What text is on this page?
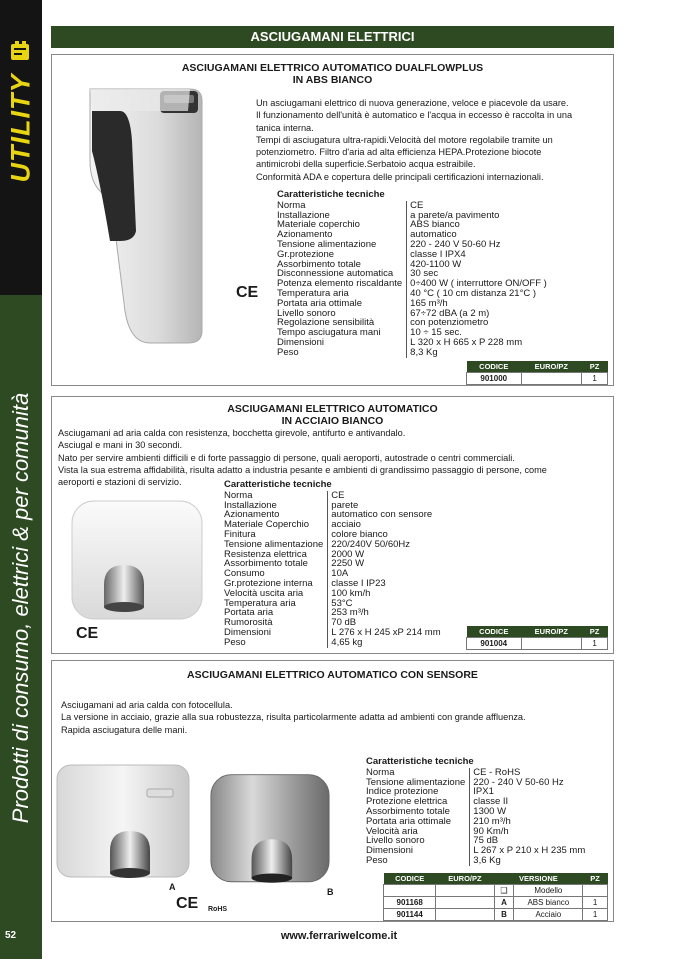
UTILITY
Prodotti di consumo, elettrici & per comunità
52
ASCIUGAMANI ELETTRICI
ASCIUGAMANI ELETTRICO AUTOMATICO DUALFLOWPLUS
IN ABS BIANCO
CE
Un asciugamani elettrico di nuova generazione, veloce e piacevole da usare.
Il funzionamento dell'unità è automatico e l'acqua in eccesso è raccolta in una
tanica interna.
Tempi di asciugatura ultra-rapidi.Velocità del motore regolabile tramite un
potenziometro. Filtro d'aria ad alta efficienza HEPA.Protezione biocote
antimicrobi della superficie.Serbatoio acqua estraibile.
Conformità ADA e copertura delle principali certificazioni internazionali.
Caratteristiche tecniche
Norma	CE
Installazione	a parete/a pavimento
Materiale coperchio	ABS bianco
Azionamento	automatico
Tensione alimentazione	220 - 240 V 50-60 Hz
Gr.protezione	classe I IPX4
Assorbimento totale	420-1100 W
Disconnessione automatica	30 sec
Potenza elemento riscaldante	0÷400 W ( interruttore ON/OFF )
Temperatura aria	40 °C ( 10 cm distanza 21°C )
Portata aria ottimale	165 m³/h
Livello sonoro	67÷72 dBA (a 2 m)
Regolazione sensibilità	con potenziometro
Tempo asciugatura mani	10 ÷ 15 sec.
Dimensioni	L 320 x H 665 x P 228 mm
Peso	8,3 Kg
CODICE	EURO/PZ	PZ
901000		1
ASCIUGAMANI ELETTRICO AUTOMATICO
IN ACCIAIO BIANCO
Asciugamani ad aria calda con resistenza, bocchetta girevole, antifurto e antivandalo.
Asciugal e mani in 30 secondi.
Nato per servire ambienti difficili e di forte passaggio di persone, quali aeroporti, autostrade o centri commerciali.
Vista la sua estrema affidabilità, risulta adatto a industria pesante e ambienti di grandissimo passaggio di persone, come
aeroporti e stazioni di servizio.
CE
Caratteristiche tecniche
Norma	CE
Installazione	parete
Azionamento	automatico con sensore
Materiale Coperchio	acciaio
Finitura	colore bianco
Tensione alimentazione	220/240V 50/60Hz
Resistenza elettrica	2000 W
Assorbimento totale	2250 W
Consumo	10A
Gr.protezione interna	classe I IP23
Velocità uscita aria	100 km/h
Temperatura aria	53°C
Portata aria	253 m³/h
Rumorosità	70 dB
Dimensioni	L 276 x H 245 xP 214 mm
Peso	4,65 kg
CODICE	EURO/PZ	PZ
901004		1
ASCIUGAMANI ELETTRICO AUTOMATICO CON SENSORE
Asciugamani ad aria calda con fotocellula.
La versione in acciaio, grazie alla sua robustezza, risulta particolarmente adatta ad ambienti con grande affluenza.
Rapida asciugatura delle mani.
A	B
CE RoHS
Caratteristiche tecniche
Norma	CE - RoHS
Tensione alimentazione	220 - 240 V 50-60 Hz
Indice protezione	IPX1
Protezione elettrica	classe II
Assorbimento totale	1300 W
Portata aria ottimale	210 m³/h
Velocità aria	90 Km/h
Livello sonoro	75 dB
Dimensioni	L 267 x P 210 x H 235 mm
Peso	3,6 Kg
CODICE	EURO/PZ	VERSIONE		PZ
		❑	Modello	
901168		A	ABS bianco	1
901144		B	Acciaio	1
www.ferrariwelcome.it
